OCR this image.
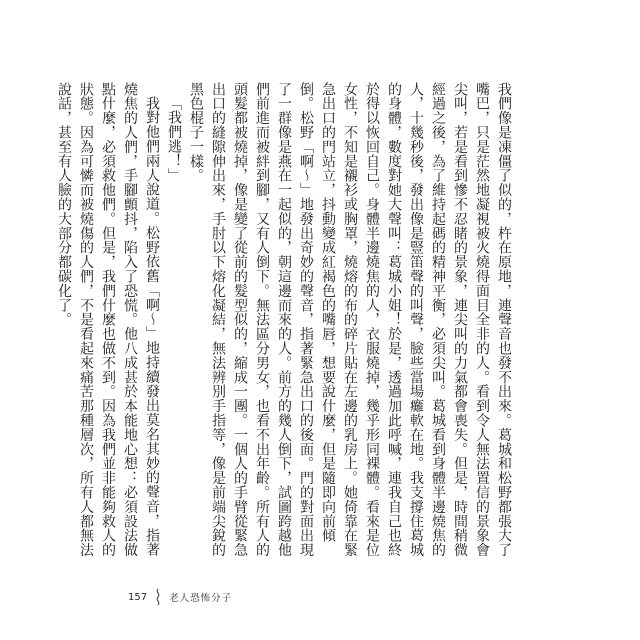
我們像是凍僵了似的，杵在原地，連聲音也發不出來。葛城和松野都張大了嘴巴，只是茫然地凝視被火燒得面目全非的人。看到令人無法置信的景象會尖叫，若是看到慘不忍睹的景象，連尖叫的力氣都會喪失。但是，時間稍微經過之後，為了維持起碼的精神平衡，必須尖叫。葛城看到身體半邊燒焦的人，十幾秒後，發出像是豎笛聲的叫聲，臉些當場癱軟在地。我支撐住葛城的身體，數度對她大聲叫：葛城小姐！於是，透過加此呼喊，連我自己也終於得以恢回自己。身體半邊燒焦的人，衣服燒掉，幾乎形同裸體。看來是位女性，不知是襯衫或胸罩，燒熔的布的碎片貼在左邊的乳房上。她倚靠在緊急出口的門站立，抖動變成紅褐色的嘴唇，想要說什麼，但是隨即向前傾倒。松野「啊～」地發出奇妙的聲音，指著緊急出口的後面。門的對面出現了一群像是燕在一起似的，朝這邊而來的人。前方的幾人倒下，試圖跨越他們前進而被絆到腳，又有人倒下。無法區分男女，也看不出年齡。所有人的頭髮都被燒掉，像是變了從前的髮型似的，縮成一團。一個人的手臂從緊急出口的縫隙伸出來，手肘以下熔化凝結，無法辨別手指等，像是前端尖銳的黑色棍子一樣。

「我們逃！」

我對他們兩人說道。松野依舊「啊～」地持續發出莫名其妙的聲音，指著燒焦的人們，手腳顫抖，陷入了恐慌。他八成甚於本能地心想：必須設法做點什麼，必須救他們。但是，我們什麼也做不到。因為我們並非能夠救人的狀態。因為可憐而被燒傷的人們，不是看起來痛苦那種層次，所有人都無法說話，甚至有人臉的大部分都碳化了。

157 老人恐怖分子
